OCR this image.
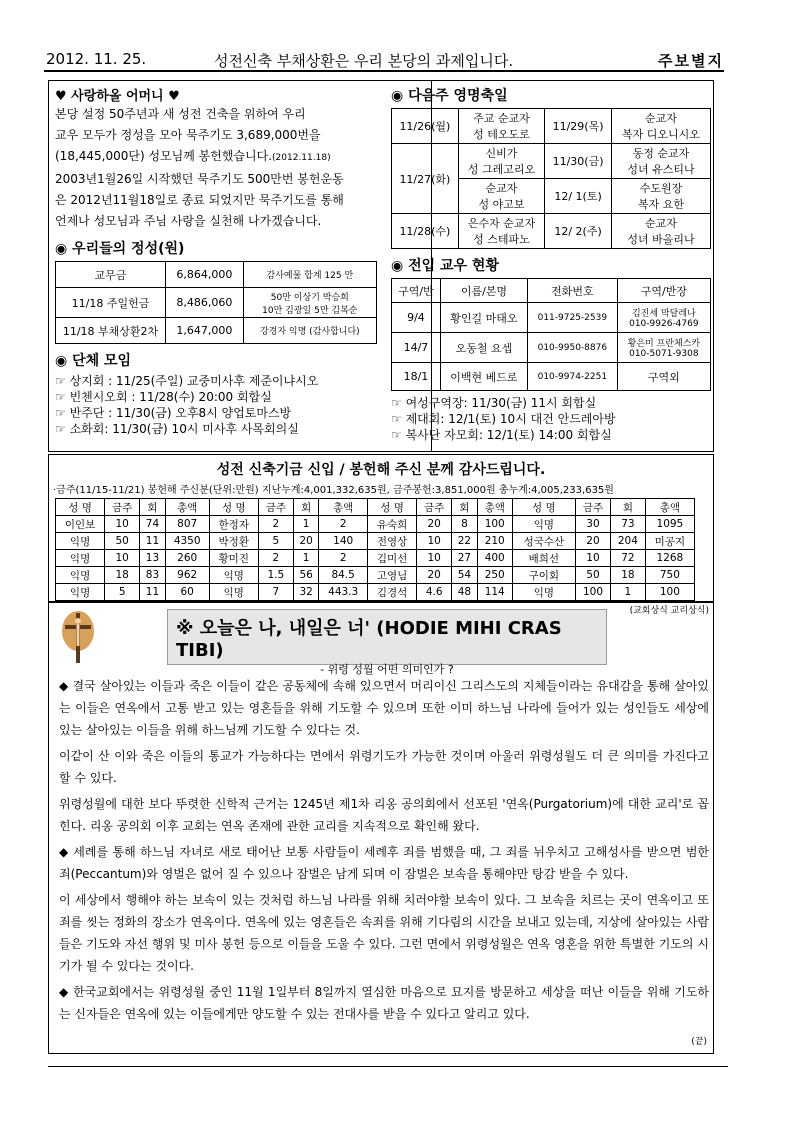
2012. 11. 25.	성전신축 부채상환은 우리 본당의 과제입니다.	주보별지
♥ 사랑하올 어머니 ♥

본당 설정 50주년과 새 성전 건축을 위하여 우리

교우 모두가 정성을 모아 묵주기도 3,689,000번을

(18,445,000단) 성모님께 봉헌했습니다.(2012.11.18)

2003년1월26일 시작했던 묵주기도 500만번 봉헌운동

은 2012년11월18일로 종료 되었지만 묵주기도를 통해

언제나 성모님과 주님 사랑을 실천해 나가겠습니다.

◉ 우리들의 정성(원)
교무금	6,864,000	감사예물 합계 125 만
11/18 주일헌금	8,486,060	50만 이상기 박승희
10만 김광일 5만 김복순

11/18 부채상환2차	1,647,000	강경자 익명 (감사합니다)
◉ 단체 모임
☞ 상지회 : 11/25(주일) 교중미사후 제준이냐시오
☞ 빈첸시오회 : 11/28(수) 20:00 회합실
☞ 반주단 : 11/30(금) 오후8시 양업토마스방
☞ 소화회: 11/30(금) 10시 미사후 사목회의실
◉ 다음주 영명축일
11/26(월)	주교 순교자
성 테오도로	11/29(목)	순교자
복자 디오니시오
11/27(화)	신비가
성 그레고리오	11/30(금)	동정 순교자
성녀 유스티나
	순교자
성 야고보	12/ 1(토)	수도원장
복자 요한
11/28(수)	은수자 순교자
성 스테파노	12/ 2(주)	순교자
성녀 바올리나
◉ 전입 교우 현황
구역/반	이름/본명	전화번호	구역/반장
9/4	황인길 마태오	011-9725-2539	김진세 막달레나
010-9926-4769
14/7	오동철 요셉	010-9950-8876	황은미 프란체스카
010-5071-9308
18/1	이백현 베드로	010-9974-2251	구역외
☞ 여성구역장: 11/30(금) 11시 회합실
☞ 제대회: 12/1(토) 10시 대건 안드레아방
☞ 복사단 자모회: 12/1(토) 14:00 회합실
성전 신축기금 신입 / 봉헌해 주신 분께 감사드립니다.
·금주(11/15-11/21) 봉헌해 주신분(단위:만원) 지난누계:4,001,332,635원, 금주봉헌:3,851,000원 총누계:4,005,233,635원
성 명	금주	회	총액	성 명	금주	회	총액	성 명	금주	회	총액	성 명	금주	회	총액
이인보	10	74	807	한정자	2	1	2	유숙희	20	8	100	익명	30	73	1095
익명	50	11	4350	박정환	5	20	140	전영상	10	22	210	성국수산	20	204	미공지
익명	10	13	260	황미진	2	1	2	김미선	10	27	400	배희선	10	72	1268
익명	18	83	962	익명	1.5	56	84.5	고영님	20	54	250	구이회	50	18	750
익명	5	11	60	익명	7	32	443.3	김경석	4.6	48	114	익명	100	1	100
(교회상식 교리상식)
※ 오늘은 나, 내일은 너' (HODIE MIHI CRAS TIBI)
- 위령 성월 어떤 의미인가 ?

◆ 결국 살아있는 이들과 죽은 이들이 같은 공동체에 속해 있으면서 머리이신 그리스도의 지체들이라는 유대감을 통해 살아있는 이들은 연옥에서 고통 받고 있는 영혼들을 위해 기도할 수 있으며 또한 이미 하느님 나라에 들어가 있는 성인들도 세상에 있는 살아있는 이들을 위해 하느님께 기도할 수 있다는 것.

이같이 산 이와 죽은 이들의 통교가 가능하다는 면에서 위령기도가 가능한 것이며 아울러 위령성월도 더 큰 의미를 가진다고 할 수 있다.

위령성월에 대한 보다 뚜렷한 신학적 근거는 1245년 제1차 리옹 공의회에서 선포된 '연옥(Purgatorium)에 대한 교리'로 꼽힌다. 리옹 공의회 이후 교회는 연옥 존재에 관한 교리를 지속적으로 확인해 왔다.

◆ 세례를 통해 하느님 자녀로 새로 태어난 보통 사람들이 세례후 죄를 범했을 때, 그 죄를 뉘우치고 고해성사를 받으면 범한 죄(Peccantum)와 영벌은 없어 질 수 있으나 잠벌은 남게 되며 이 잠벌은 보속을 통해야만 탕감 받을 수 있다.

이 세상에서 행해야 하는 보속이 있는 것처럼 하느님 나라를 위해 치러야할 보속이 있다. 그 보속을 치르는 곳이 연옥이고 또 죄를 씻는 정화의 장소가 연옥이다. 연옥에 있는 영혼들은 속죄를 위해 기다림의 시간을 보내고 있는데, 지상에 살아있는 사람들은 기도와 자선 행위 및 미사 봉헌 등으로 이들을 도울 수 있다. 그런 면에서 위령성월은 연옥 영혼을 위한 특별한 기도의 시기가 될 수 있다는 것이다.

◆ 한국교회에서는 위령성월 중인 11월 1일부터 8일까지 열심한 마음으로 묘지를 방문하고 세상을 떠난 이들을 위해 기도하는 신자들은 연옥에 있는 이들에게만 양도할 수 있는 전대사를 받을 수 있다고 알리고 있다.

(끝)
